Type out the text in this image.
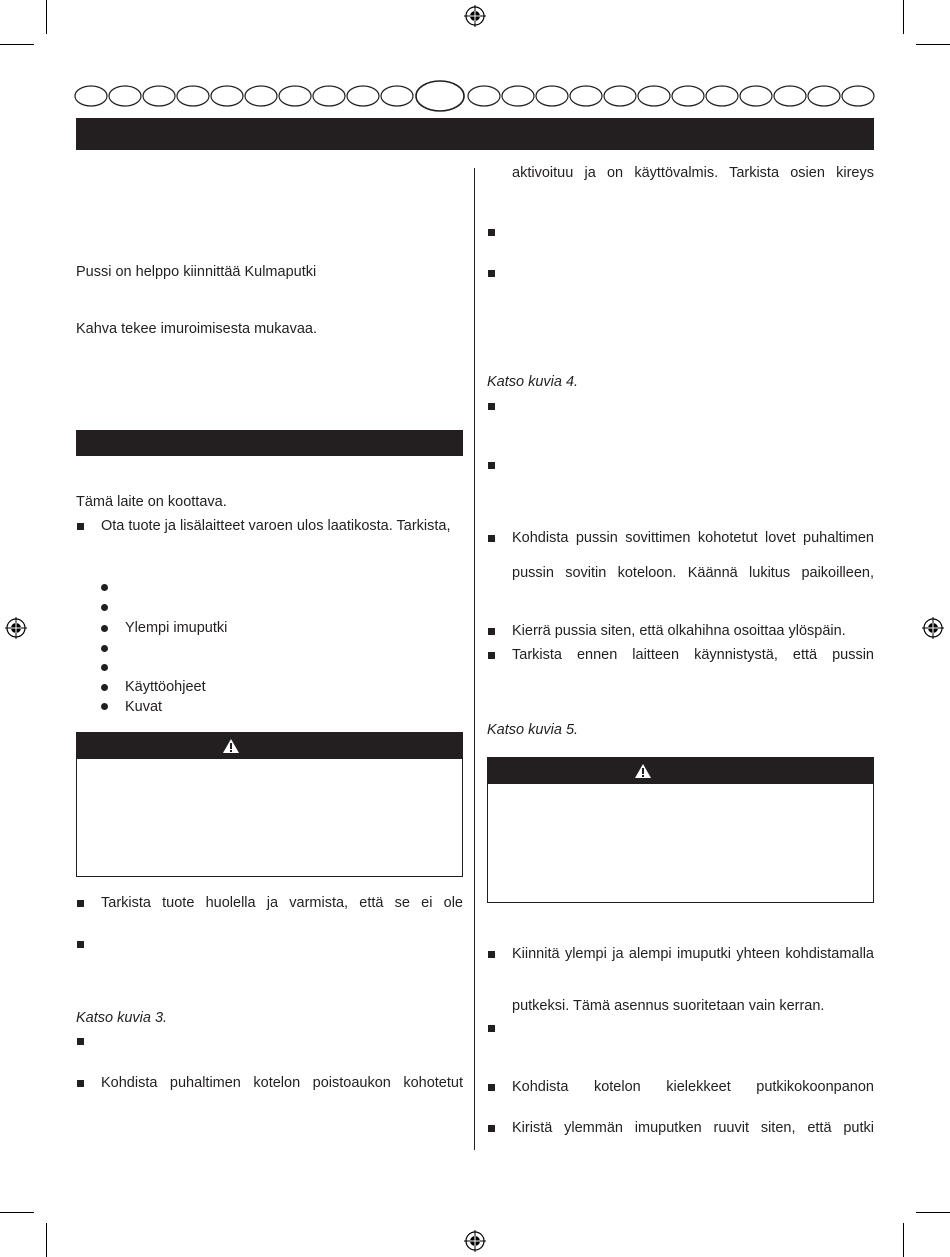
Pussi on helppo kiinnittää Kulmaputki
Kahva tekee imuroimisesta mukavaa.
Tämä laite on koottava.
Ota tuote ja lisälaitteet varoen ulos laatikosta. Tarkista,
Ylempi imuputki
Käyttöohjeet
Kuvat
Tarkista tuote huolella ja varmista, että se ei ole
Katso kuvia 3.
Kohdista puhaltimen kotelon poistoaukon kohotetut
aktivoituu ja on käyttövalmis. Tarkista osien kireys
Katso kuvia 4.
Kohdista pussin sovittimen kohotetut lovet puhaltimen
pussin sovitin koteloon. Käännä lukitus paikoilleen,
Kierrä pussia siten, että olkahihna osoittaa ylöspäin.
Tarkista ennen laitteen käynnistystä, että pussin
Katso kuvia 5.
Kiinnitä ylempi ja alempi imuputki yhteen kohdistamalla
putkeksi. Tämä asennus suoritetaan vain kerran.
Kohdista kotelon kielekkeet putkikokoonpanon
Kiristä ylemmän imuputken ruuvit siten, että putki
